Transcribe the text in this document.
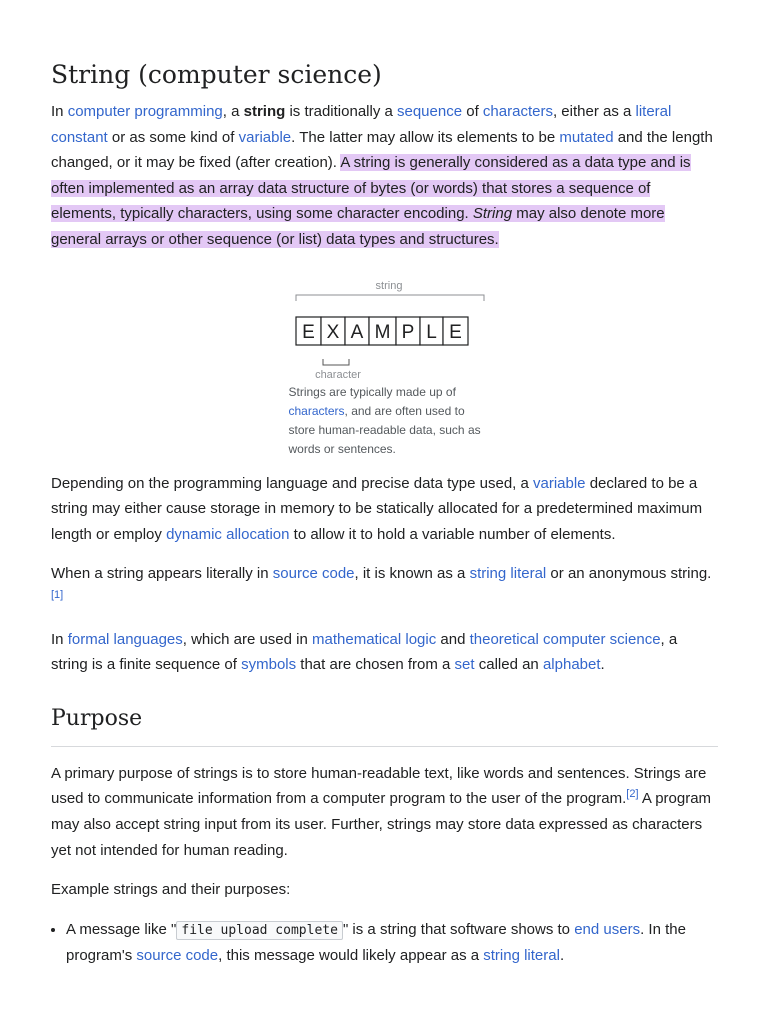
String (computer science)

In computer programming, a string is traditionally a sequence of characters, either as a literal constant or as some kind of variable. The latter may allow its elements to be mutated and the length changed, or it may be fixed (after creation). A string is generally considered as a data type and is often implemented as an array data structure of bytes (or words) that stores a sequence of elements, typically characters, using some character encoding. String may also denote more general arrays or other sequence (or list) data types and structures.

string
E X A M P L E
character
Strings are typically made up of characters, and are often used to store human-readable data, such as words or sentences.

Depending on the programming language and precise data type used, a variable declared to be a string may either cause storage in memory to be statically allocated for a predetermined maximum length or employ dynamic allocation to allow it to hold a variable number of elements.

When a string appears literally in source code, it is known as a string literal or an anonymous string.[1]

In formal languages, which are used in mathematical logic and theoretical computer science, a string is a finite sequence of symbols that are chosen from a set called an alphabet.

Purpose

A primary purpose of strings is to store human-readable text, like words and sentences. Strings are used to communicate information from a computer program to the user of the program.[2] A program may also accept string input from its user. Further, strings may store data expressed as characters yet not intended for human reading.

Example strings and their purposes:

• A message like " file upload complete " is a string that software shows to end users. In the program's source code, this message would likely appear as a string literal.
